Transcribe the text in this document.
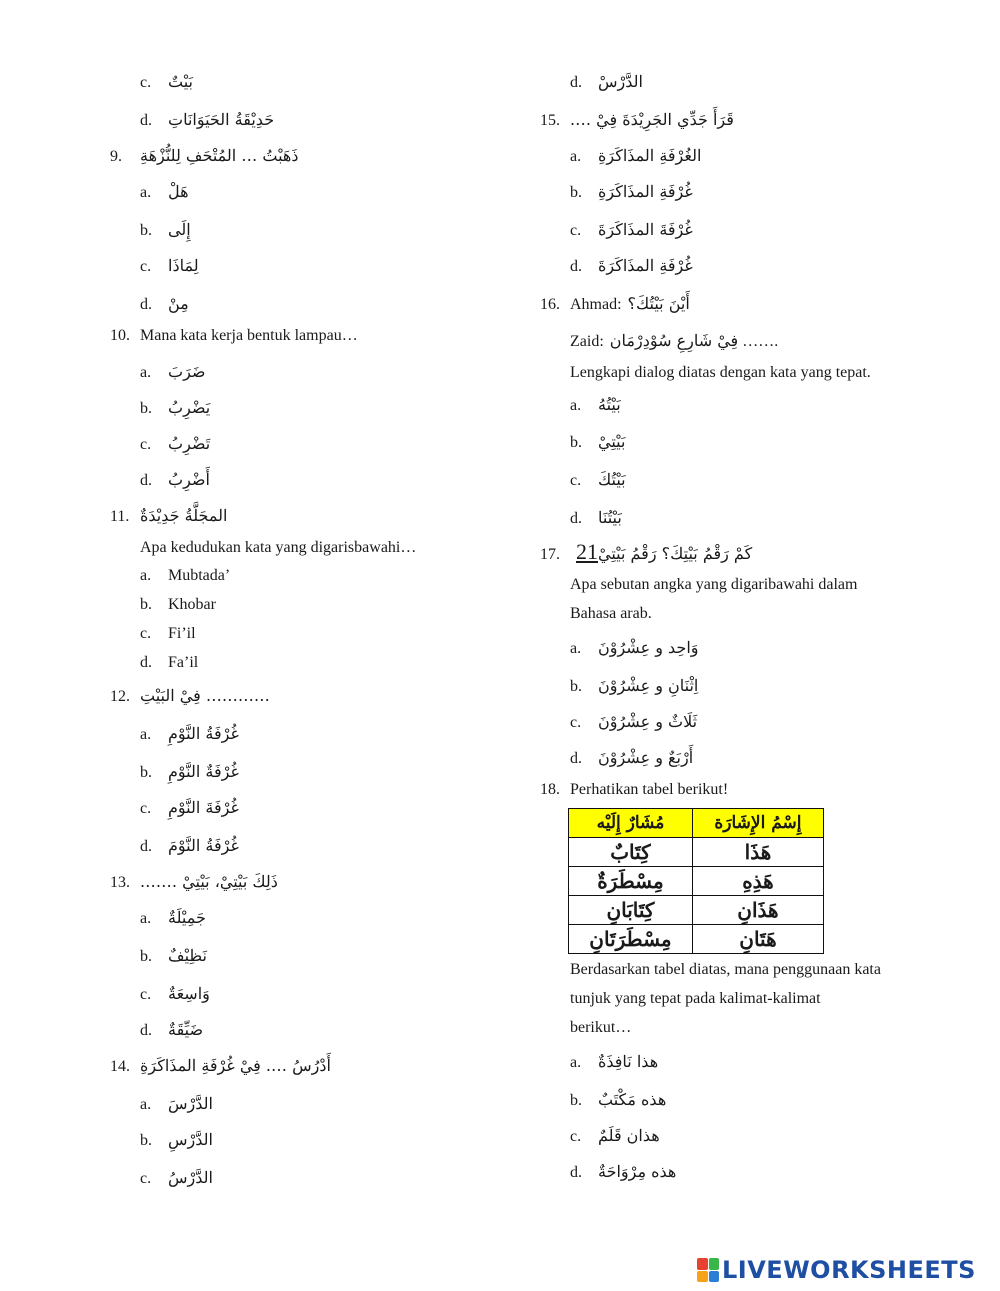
c. بَيْتٌ
d. حَدِيْقَةُ الحَيَوَانَاتِ
9. ذَهَبْتُ … المُتْحَفِ لِلنُّزْهَةِ
a. هَلْ
b. إِلَى
c. لِمَاذَا
d. مِنْ
10. Mana kata kerja bentuk lampau…
a. ضَرَبَ
b. يَضْرِبُ
c. تَضْرِبُ
d. أَضْرِبُ
11. المجَلَّةُ جَدِيْدَةٌ
Apa kedudukan kata yang digarisbawahi…
a. Mubtada’
b. Khobar
c. Fi’il
d. Fa’il
12. ………… فِيْ البَيْتِ
a. غُرْفَةُ النَّوْمِ
b. غُرْفَةٌ النَّوْمِ
c. غُرْفَةَ النَّوْمِ
d. غُرْفَةُ النَّوْمَ
13. ذَلِكَ بَيْتِيْ، بَيْتِيْ …….
a. جَمِيْلَةٌ
b. نَظِيْفٌ
c. وَاسِعَةٌ
d. ضَيِّقَةٌ
14. أَدْرُسُ …. فِيْ غُرْفَةِ المذَاكَرَةِ
a. الدَّرْسَ
b. الدَّرْسِ
c. الدَّرْسُ
d. الدَّرْسْ
15. قَرَأَ جَدِّي الجَرِيْدَةَ فِيْ ….
a. الغُرْفَةِ المذَاكَرَةِ
b. غُرْفَةِ المذَاكَرَةِ
c. غُرْفَةَ المذَاكَرَةَ
d. غُرْفَةِ المذَاكَرَةَ
16. Ahmad: أَيْنَ بَيْتُكَ؟
Zaid: فِيْ شَارِعِ سُوْدِرْمَان …….
Lengkapi dialog diatas dengan kata yang tepat.
a. بَيْتُهُ
b. بَيْتِيْ
c. بَيْتُكَ
d. بَيْتُنَا
17. 21كَمْ رَقْمُ بَيْتِكَ؟ رَقْمُ بَيْتِيْ
Apa sebutan angka yang digaribawahi dalam
Bahasa arab.
a. وَاحِد و عِشْرُوْنَ
b. اِثْنَانِ و عِشْرُوْنَ
c. ثَلَاثٌ و عِشْرُوْنَ
d. أَرْبَعٌ و عِشْرُوْنَ
18. Perhatikan tabel berikut!
Berdasarkan tabel diatas, mana penggunaan kata
tunjuk yang tepat pada kalimat-kalimat
berikut…
a. هذا نَافِذَةٌ
b. هذه مَكْتَبٌ
c. هذان قَلَمٌ
d. هذه مِرْوَاحَةٌ
مُشَارٌ إِلَيْه	إِسْمُ الإِشَارَة
كِتَابٌ	هَذَا
مِسْطَرَةٌ	هَذِهِ
كِتَابَانِ	هَذَانِ
مِسْطَرَتَانِ	هَتَانِ
LIVEWORKSHEETS
